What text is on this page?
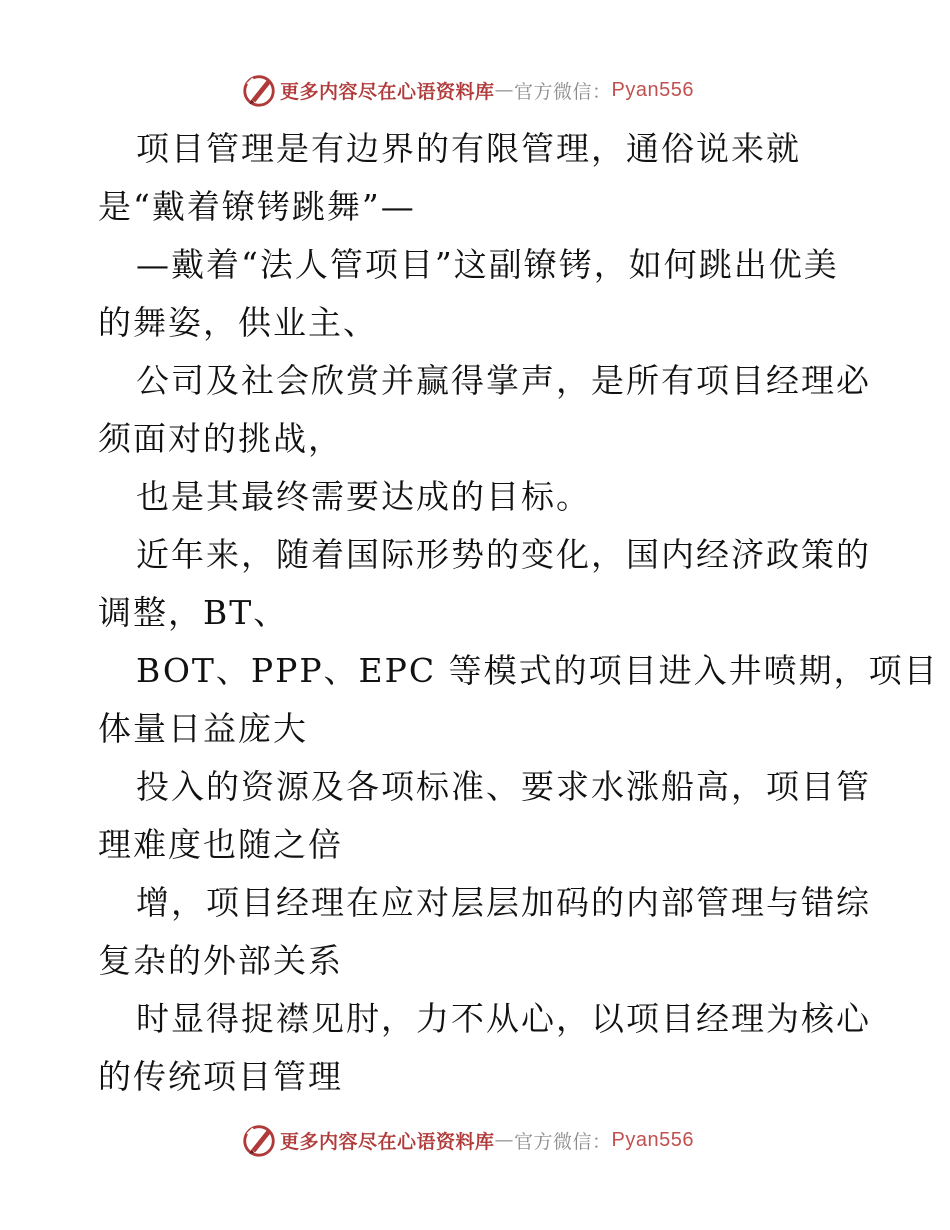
更多内容尽在心语资料库 — 官方微信： Pyan556
项目管理是有边界的有限管理，通俗说来就
是“戴着镣铐跳舞”—
—戴着“法人管项目”这副镣铐，如何跳出优美
的舞姿，供业主、
公司及社会欣赏并赢得掌声，是所有项目经理必
须面对的挑战，
也是其最终需要达成的目标。
近年来，随着国际形势的变化，国内经济政策的
调整，BT、
BOT、PPP、EPC 等模式的项目进入井喷期，项目
体量日益庞大
投入的资源及各项标准、要求水涨船高，项目管
理难度也随之倍
增，项目经理在应对层层加码的内部管理与错综
复杂的外部关系
时显得捉襟见肘，力不从心，以项目经理为核心
的传统项目管理
更多内容尽在心语资料库 — 官方微信： Pyan556
